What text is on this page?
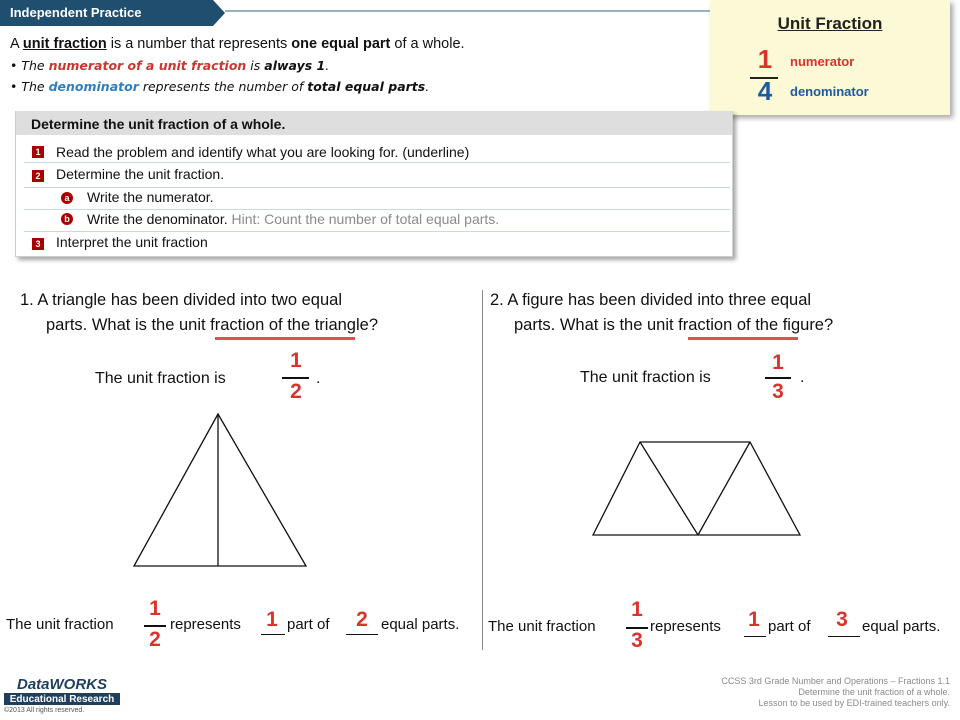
Independent Practice
Unit Fraction
1
4
numerator
denominator
A unit fraction is a number that represents one equal part of a whole.
• The numerator of a unit fraction is always 1.
• The denominator represents the number of total equal parts.
Determine the unit fraction of a whole.
1 Read the problem and identify what you are looking for. (underline)
2 Determine the unit fraction.
a Write the numerator.
b Write the denominator. Hint: Count the number of total equal parts.
3 Interpret the unit fraction
1. A triangle has been divided into two equal
parts. What is the unit fraction of the triangle?
The unit fraction is
1
2
.
The unit fraction
1
2
represents 1 part of 2 equal parts.
2. A figure has been divided into three equal
parts. What is the unit fraction of the figure?
The unit fraction is
1
3
.
The unit fraction
1
3
represents 1 part of 3 equal parts.
DataWORKS
Educational Research
©2013 All rights reserved.
CCSS 3rd Grade Number and Operations – Fractions 1.1
Determine the unit fraction of a whole.
Lesson to be used by EDI-trained teachers only.
